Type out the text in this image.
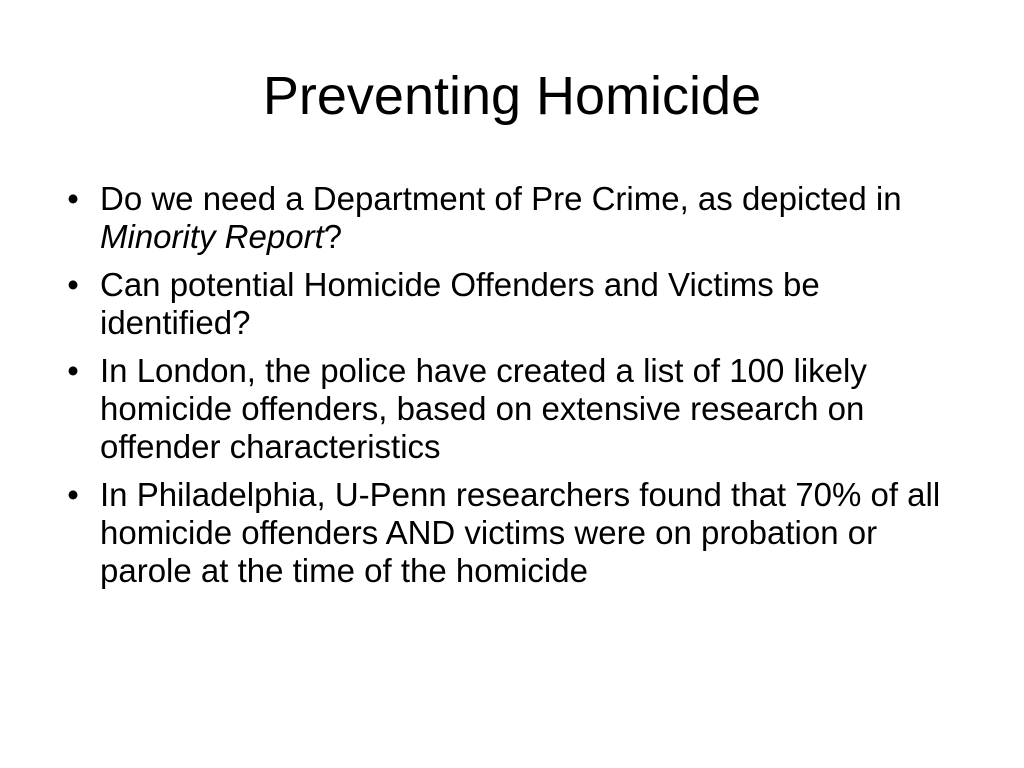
Preventing Homicide
• Do we need a Department of Pre Crime, as depicted in Minority Report?
• Can potential Homicide Offenders and Victims be identified?
• In London, the police have created a list of 100 likely homicide offenders, based on extensive research on offender characteristics
• In Philadelphia, U-Penn researchers found that 70% of all homicide offenders AND victims were on probation or parole at the time of the homicide
